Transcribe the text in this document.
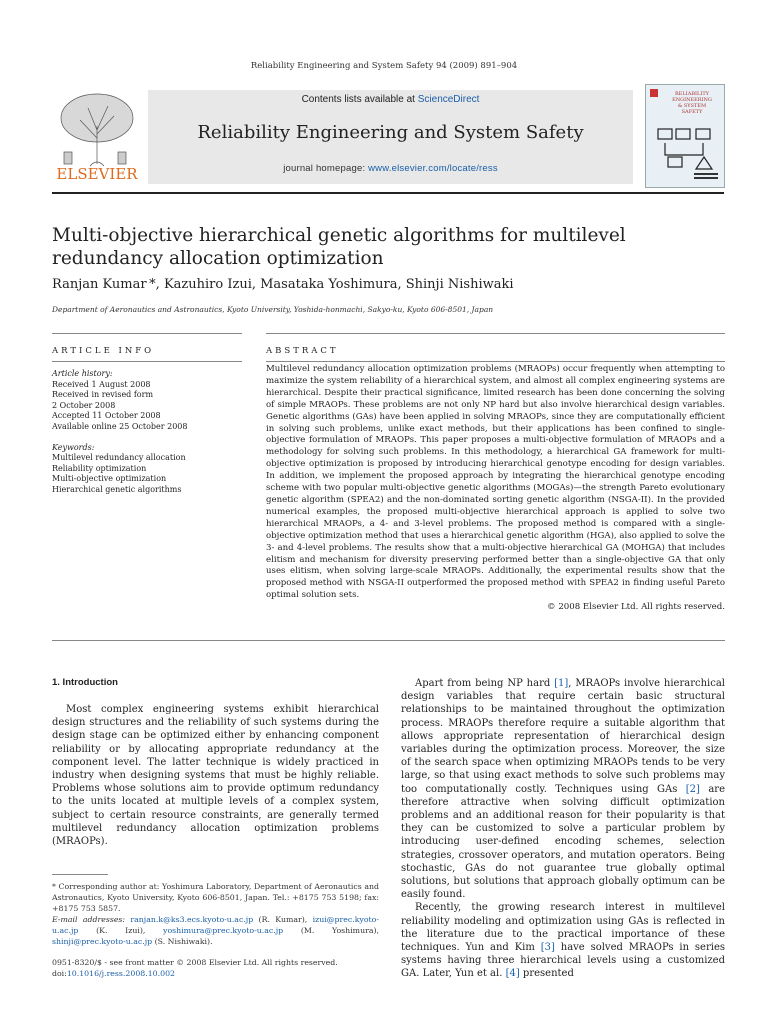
Reliability Engineering and System Safety 94 (2009) 891–904
ELSEVIER
Contents lists available at ScienceDirect
Reliability Engineering and System Safety
journal homepage: www.elsevier.com/locate/ress
RELIABILITY
ENGINEERING
& SYSTEM
SAFETY
Multi-objective hierarchical genetic algorithms for multilevel redundancy allocation optimization
Ranjan Kumar *, Kazuhiro Izui, Masataka Yoshimura, Shinji Nishiwaki
Department of Aeronautics and Astronautics, Kyoto University, Yoshida-honmachi, Sakyo-ku, Kyoto 606-8501, Japan
ARTICLE INFO	ABSTRACT
Article history:
Received 1 August 2008
Received in revised form
2 October 2008
Accepted 11 October 2008
Available online 25 October 2008
Keywords:
Multilevel redundancy allocation
Reliability optimization
Multi-objective optimization
Hierarchical genetic algorithms
Multilevel redundancy allocation optimization problems (MRAOPs) occur frequently when attempting to maximize the system reliability of a hierarchical system, and almost all complex engineering systems are hierarchical. Despite their practical significance, limited research has been done concerning the solving of simple MRAOPs. These problems are not only NP hard but also involve hierarchical design variables. Genetic algorithms (GAs) have been applied in solving MRAOPs, since they are computationally efficient in solving such problems, unlike exact methods, but their applications has been confined to single-objective formulation of MRAOPs. This paper proposes a multi-objective formulation of MRAOPs and a methodology for solving such problems. In this methodology, a hierarchical GA framework for multi-objective optimization is proposed by introducing hierarchical genotype encoding for design variables. In addition, we implement the proposed approach by integrating the hierarchical genotype encoding scheme with two popular multi-objective genetic algorithms (MOGAs)—the strength Pareto evolutionary genetic algorithm (SPEA2) and the non-dominated sorting genetic algorithm (NSGA-II). In the provided numerical examples, the proposed multi-objective hierarchical approach is applied to solve two hierarchical MRAOPs, a 4- and 3-level problems. The proposed method is compared with a single-objective optimization method that uses a hierarchical genetic algorithm (HGA), also applied to solve the 3- and 4-level problems. The results show that a multi-objective hierarchical GA (MOHGA) that includes elitism and mechanism for diversity preserving performed better than a single-objective GA that only uses elitism, when solving large-scale MRAOPs. Additionally, the experimental results show that the proposed method with NSGA-II outperformed the proposed method with SPEA2 in finding useful Pareto optimal solution sets.
© 2008 Elsevier Ltd. All rights reserved.
1. Introduction

Most complex engineering systems exhibit hierarchical design structures and the reliability of such systems during the design stage can be optimized either by enhancing component reliability or by allocating appropriate redundancy at the component level. The latter technique is widely practiced in industry when designing systems that must be highly reliable. Problems whose solutions aim to provide optimum redundancy to the units located at multiple levels of a complex system, subject to certain resource constraints, are generally termed multilevel redundancy allocation optimization problems (MRAOPs).

Apart from being NP hard [1], MRAOPs involve hierarchical design variables that require certain basic structural relationships to be maintained throughout the optimization process. MRAOPs therefore require a suitable algorithm that allows appropriate representation of hierarchical design variables during the optimization process. Moreover, the size of the search space when optimizing MRAOPs tends to be very large, so that using exact methods to solve such problems may too computationally costly. Techniques using GAs [2] are therefore attractive when solving difficult optimization problems and an additional reason for their popularity is that they can be customized to solve a particular problem by introducing user-defined encoding schemes, selection strategies, crossover operators, and mutation operators. Being stochastic, GAs do not guarantee true globally optimal solutions, but solutions that approach globally optimum can be easily found.

Recently, the growing research interest in multilevel reliability modeling and optimization using GAs is reflected in the literature due to the practical importance of these techniques. Yun and Kim [3] have solved MRAOPs in series systems having three hierarchical levels using a customized GA. Later, Yun et al. [4] presented

* Corresponding author at: Yoshimura Laboratory, Department of Aeronautics and Astronautics, Kyoto University, Kyoto 606-8501, Japan. Tel.: +8175 753 5198; fax: +8175 753 5857.
E-mail addresses: ranjan.k@ks3.ecs.kyoto-u.ac.jp (R. Kumar), izui@prec.kyoto-u.ac.jp (K. Izui), yoshimura@prec.kyoto-u.ac.jp (M. Yoshimura), shinji@prec.kyoto-u.ac.jp (S. Nishiwaki).
0951-8320/$ - see front matter © 2008 Elsevier Ltd. All rights reserved.
doi:10.1016/j.ress.2008.10.002
